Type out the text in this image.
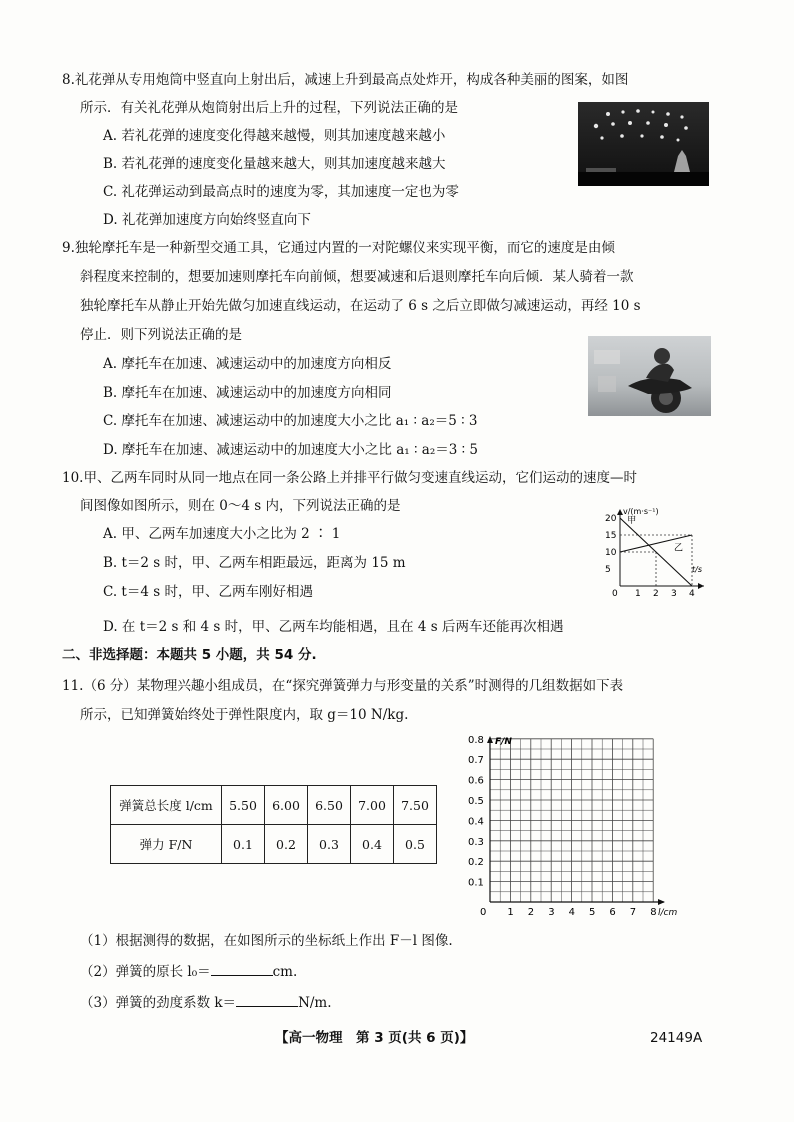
8.礼花弹从专用炮筒中竖直向上射出后，减速上升到最高点处炸开，构成各种美丽的图案，如图
所示．有关礼花弹从炮筒射出后上升的过程，下列说法正确的是
A. 若礼花弹的速度变化得越来越慢，则其加速度越来越小
B. 若礼花弹的速度变化量越来越大，则其加速度越来越大
C. 礼花弹运动到最高点时的速度为零，其加速度一定也为零
D. 礼花弹加速度方向始终竖直向下
9.独轮摩托车是一种新型交通工具，它通过内置的一对陀螺仪来实现平衡，而它的速度是由倾
斜程度来控制的，想要加速则摩托车向前倾，想要减速和后退则摩托车向后倾．某人骑着一款
独轮摩托车从静止开始先做匀加速直线运动，在运动了 6 s 之后立即做匀减速运动，再经 10 s
停止．则下列说法正确的是
A. 摩托车在加速、减速运动中的加速度方向相反
B. 摩托车在加速、减速运动中的加速度方向相同
C. 摩托车在加速、减速运动中的加速度大小之比 a₁ ∶ a₂＝5 ∶ 3
D. 摩托车在加速、减速运动中的加速度大小之比 a₁ ∶ a₂＝3 ∶ 5
10.甲、乙两车同时从同一地点在同一条公路上并排平行做匀变速直线运动，它们运动的速度—时
间图像如图所示，则在 0～4 s 内，下列说法正确的是
A. 甲、乙两车加速度大小之比为 2 ∶ 1
B. t＝2 s 时，甲、乙两车相距最远，距离为 15 m
C. t＝4 s 时，甲、乙两车刚好相遇
D. 在 t＝2 s 和 4 s 时，甲、乙两车均能相遇，且在 4 s 后两车还能再次相遇
v/(m·s⁻¹)
t/s
0 1 2 3 4
5
10
15
20 甲
乙
二、非选择题：本题共 5 小题，共 54 分.
11.（6 分）某物理兴趣小组成员，在“探究弹簧弹力与形变量的关系”时测得的几组数据如下表
所示，已知弹簧始终处于弹性限度内，取 g＝10 N/kg.
弹簧总长度 l/cm	5.50	6.00	6.50	7.00	7.50
弹力 F/N	0.1	0.2	0.3	0.4	0.5
F/N
l/cm
0 1 2 3 4 5 6 7 8
0.1
0.2
0.3
0.4
0.5
0.6
0.7
0.8
（1）根据测得的数据，在如图所示的坐标纸上作出 F－l 图像.
（2）弹簧的原长 l₀＝	cm.
（3）弹簧的劲度系数 k＝	N/m.
【高一物理　第 3 页(共 6 页)】	24149A
